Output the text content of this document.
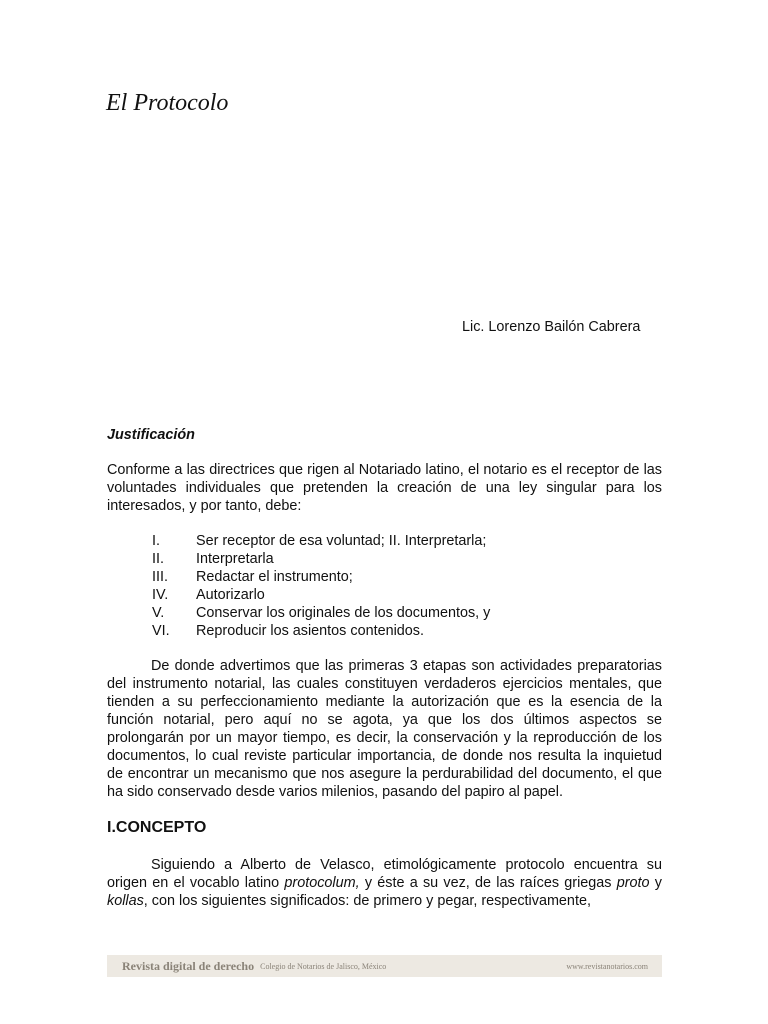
El Protocolo
Lic. Lorenzo Bailón Cabrera
Justificación

Conforme a las directrices que rigen al Notariado latino, el notario es el receptor de las voluntades individuales que pretenden la creación de una ley singular para los interesados, y por tanto, debe:

I.	Ser receptor de esa voluntad; II. Interpretarla;
II.	Interpretarla
III.	Redactar el instrumento;
IV.	Autorizarlo
V.	Conservar los originales de los documentos, y
VI.	Reproducir los asientos contenidos.

De donde advertimos que las primeras 3 etapas son actividades preparatorias del instrumento notarial, las cuales constituyen verdaderos ejercicios mentales, que tienden a su perfeccionamiento mediante la autorización que es la esencia de la función notarial, pero aquí no se agota, ya que los dos últimos aspectos se prolongarán por un mayor tiempo, es decir, la conservación y la reproducción de los documentos, lo cual reviste particular importancia, de donde nos resulta la inquietud de encontrar un mecanismo que nos asegure la perdurabilidad del documento, el que ha sido conservado desde varios milenios, pasando del papiro al papel.

I.CONCEPTO

Siguiendo a Alberto de Velasco, etimológicamente protocolo encuentra su origen en el vocablo latino protocolum, y éste a su vez, de las raíces griegas proto y kollas, con los siguientes significados: de primero y pegar, respectivamente,

Revista digital de derecho Colegio de Notarios de Jalisco, México	www.revistanotarios.com
